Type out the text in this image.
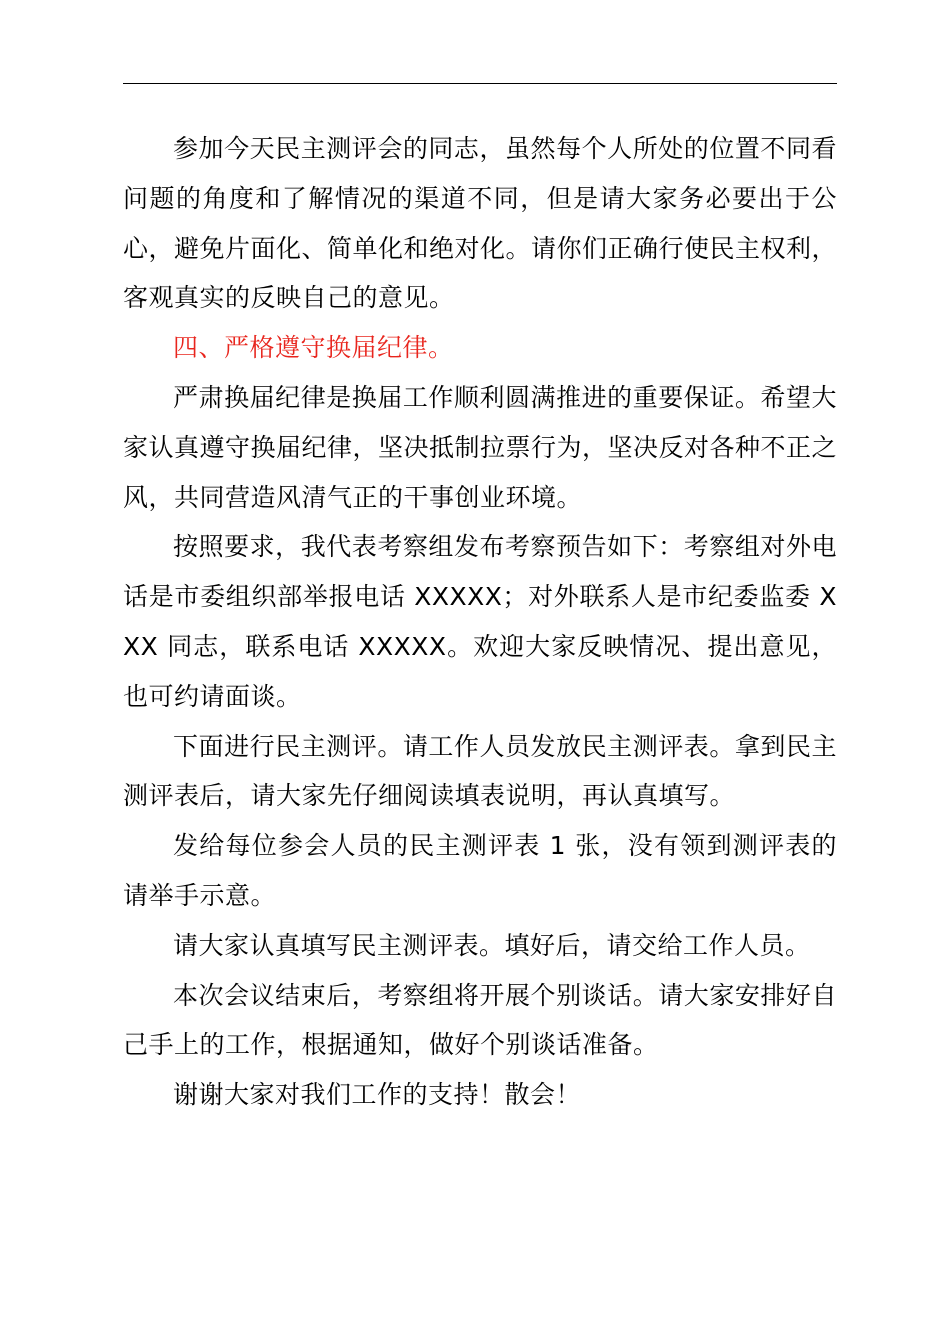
参加今天民主测评会的同志，虽然每个人所处的位置不同看问题的角度和了解情况的渠道不同，但是请大家务必要出于公心，避免片面化、简单化和绝对化。请你们正确行使民主权利，客观真实的反映自己的意见。

四、严格遵守换届纪律。

严肃换届纪律是换届工作顺利圆满推进的重要保证。希望大家认真遵守换届纪律，坚决抵制拉票行为，坚决反对各种不正之风，共同营造风清气正的干事创业环境。

按照要求，我代表考察组发布考察预告如下：考察组对外电话是市委组织部举报电话 XXXXX；对外联系人是市纪委监委 XXX 同志，联系电话 XXXXX。欢迎大家反映情况、提出意见，也可约请面谈。

下面进行民主测评。请工作人员发放民主测评表。拿到民主测评表后，请大家先仔细阅读填表说明，再认真填写。

发给每位参会人员的民主测评表 1 张，没有领到测评表的请举手示意。

请大家认真填写民主测评表。填好后，请交给工作人员。

本次会议结束后，考察组将开展个别谈话。请大家安排好自己手上的工作，根据通知，做好个别谈话准备。

谢谢大家对我们工作的支持！散会！
